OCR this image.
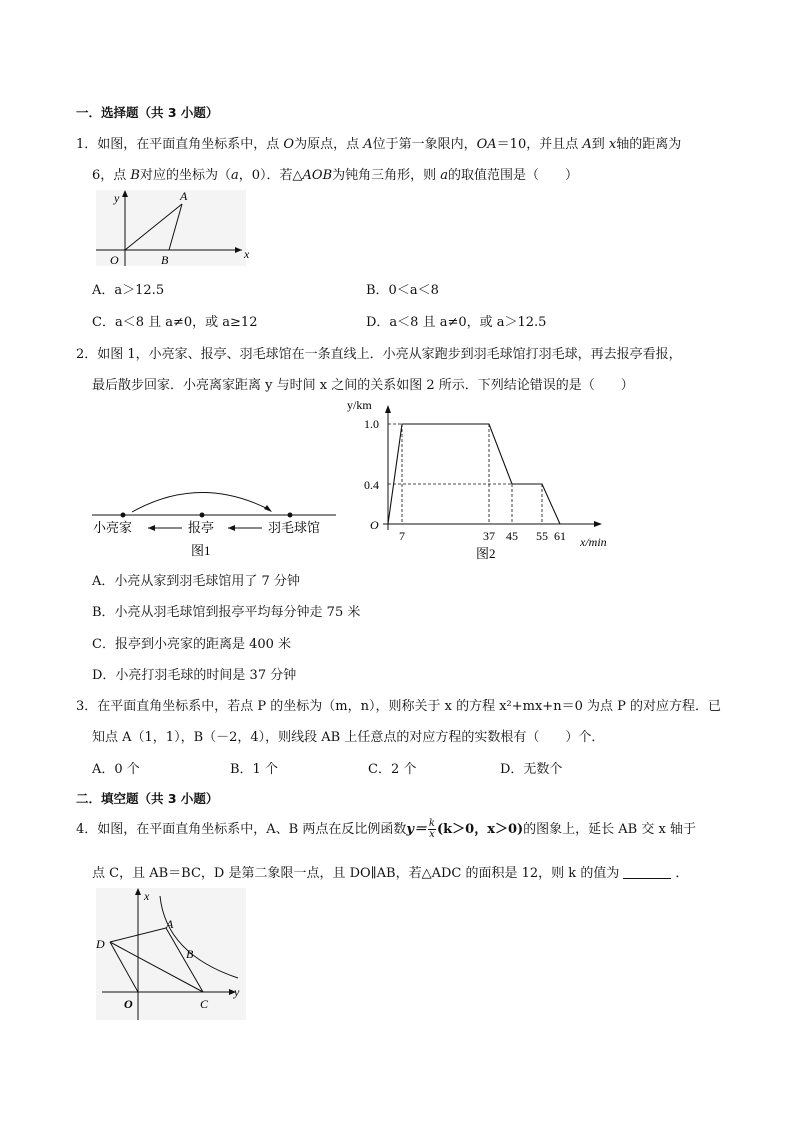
一．选择题（共 3 小题）
1．如图，在平面直角坐标系中，点 O为原点，点 A位于第一象限内，OA＝10，并且点 A到 x轴的距离为
6，点 B对应的坐标为（a，0）．若△AOB为钝角三角形，则 a的取值范围是（　　）
y
x
O
A
B
A．a＞12.5	B．0＜a＜8
C．a＜8 且 a≠0，或 a≥12	D．a＜8 且 a≠0，或 a＞12.5
2．如图 1，小亮家、报亭、羽毛球馆在一条直线上．小亮从家跑步到羽毛球馆打羽毛球，再去报亭看报，
最后散步回家．小亮离家距离 y 与时间 x 之间的关系如图 2 所示．下列结论错误的是（　　）
小亮家	报亭	羽毛球馆
图1
y/km
x/min
O
1.0
0.4
7	37 45 55 61
图2
A．小亮从家到羽毛球馆用了 7 分钟
B．小亮从羽毛球馆到报亭平均每分钟走 75 米
C．报亭到小亮家的距离是 400 米
D．小亮打羽毛球的时间是 37 分钟
3．在平面直角坐标系中，若点 P 的坐标为（m，n），则称关于 x 的方程 x²+mx+n＝0 为点 P 的对应方程．已
知点 A（1，1），B（－2，4），则线段 AB 上任意点的对应方程的实数根有（　　）个．
A．0 个	B．1 个	C．2 个	D．无数个
二．填空题（共 3 小题）
4．如图，在平面直角坐标系中，A、B 两点在反比例函数$y= \frac{k}{x} (k>0$，x＞0)的图象上，延长 AB 交 x 轴于
点 C，且 AB＝BC，D 是第二象限一点，且 DO∥AB，若△ADC 的面积是 12，则 k 的值为	．
x
y
O
A
B
C
D
